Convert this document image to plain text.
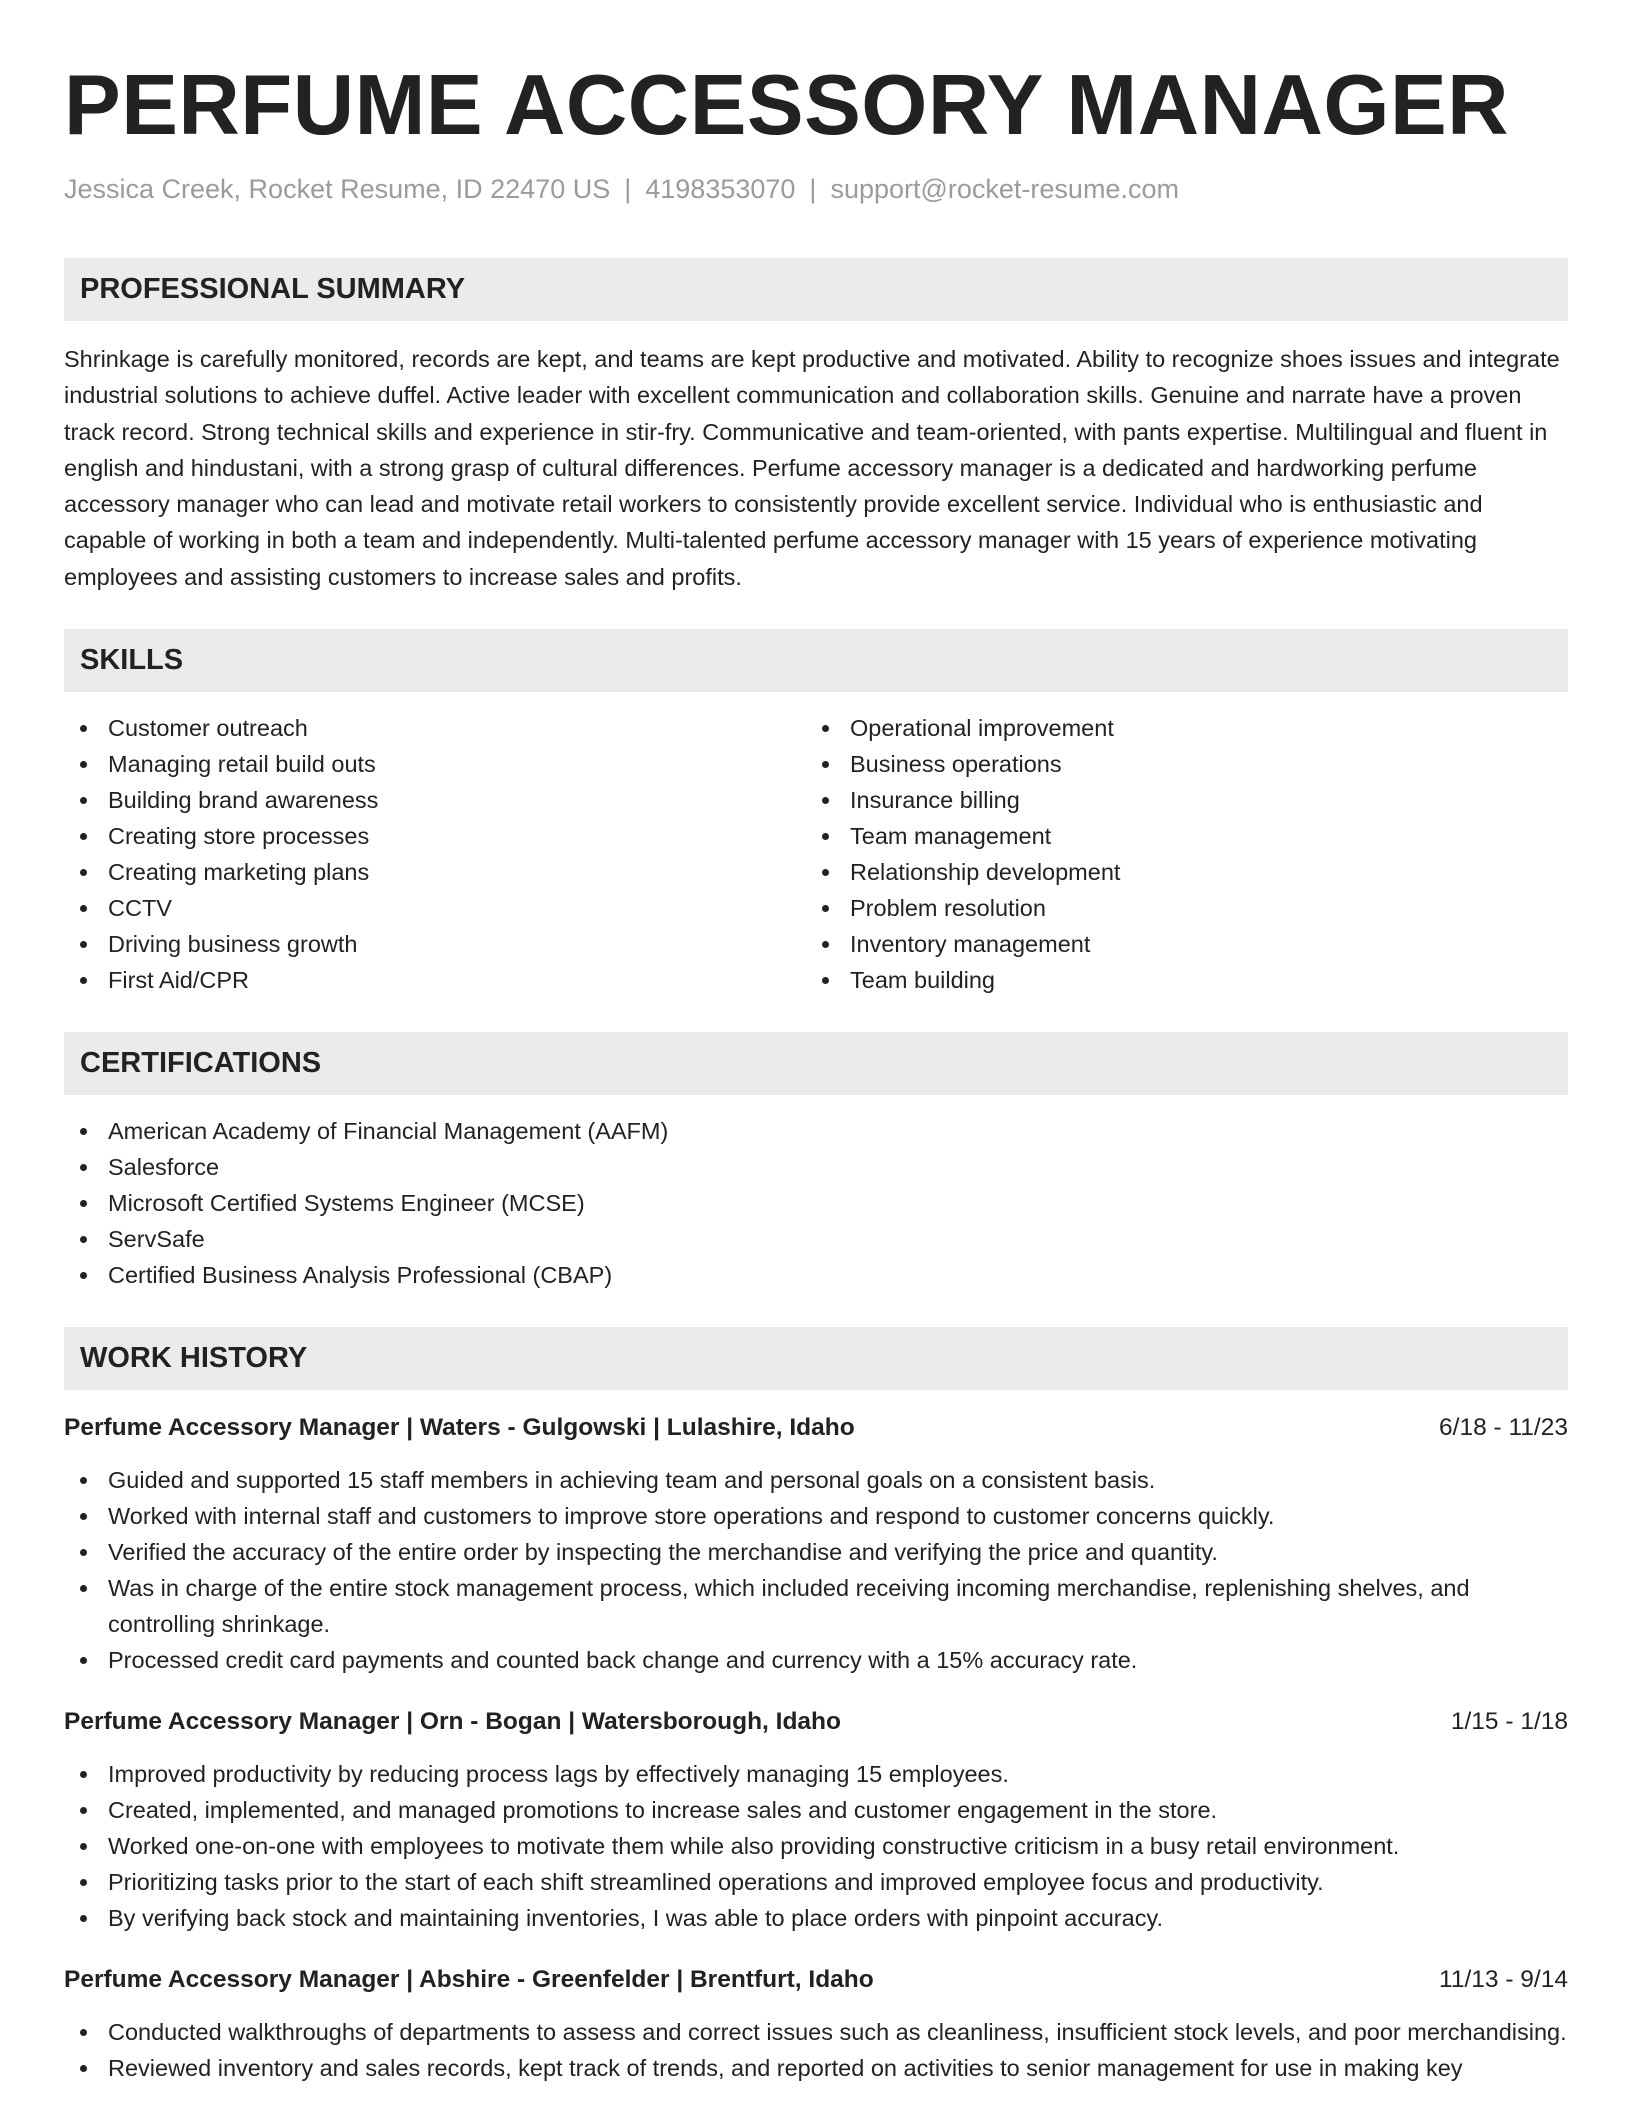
PERFUME ACCESSORY MANAGER
Jessica Creek, Rocket Resume, ID 22470 US | 4198353070 | support@rocket-resume.com
PROFESSIONAL SUMMARY

Shrinkage is carefully monitored, records are kept, and teams are kept productive and motivated. Ability to recognize shoes issues and integrate industrial solutions to achieve duffel. Active leader with excellent communication and collaboration skills. Genuine and narrate have a proven track record. Strong technical skills and experience in stir-fry. Communicative and team-oriented, with pants expertise. Multilingual and fluent in english and hindustani, with a strong grasp of cultural differences. Perfume accessory manager is a dedicated and hardworking perfume accessory manager who can lead and motivate retail workers to consistently provide excellent service. Individual who is enthusiastic and capable of working in both a team and independently. Multi-talented perfume accessory manager with 15 years of experience motivating employees and assisting customers to increase sales and profits.

SKILLS
Customer outreach
Managing retail build outs
Building brand awareness
Creating store processes
Creating marketing plans
CCTV
Driving business growth
First Aid/CPR
Operational improvement
Business operations
Insurance billing
Team management
Relationship development
Problem resolution
Inventory management
Team building
CERTIFICATIONS
American Academy of Financial Management (AAFM)
Salesforce
Microsoft Certified Systems Engineer (MCSE)
ServSafe
Certified Business Analysis Professional (CBAP)
WORK HISTORY
Perfume Accessory Manager | Waters - Gulgowski | Lulashire, Idaho	6/18 - 11/23
Guided and supported 15 staff members in achieving team and personal goals on a consistent basis.
Worked with internal staff and customers to improve store operations and respond to customer concerns quickly.
Verified the accuracy of the entire order by inspecting the merchandise and verifying the price and quantity.
Was in charge of the entire stock management process, which included receiving incoming merchandise, replenishing shelves, and controlling shrinkage.
Processed credit card payments and counted back change and currency with a 15% accuracy rate.
Perfume Accessory Manager | Orn - Bogan | Watersborough, Idaho	1/15 - 1/18
Improved productivity by reducing process lags by effectively managing 15 employees.
Created, implemented, and managed promotions to increase sales and customer engagement in the store.
Worked one-on-one with employees to motivate them while also providing constructive criticism in a busy retail environment.
Prioritizing tasks prior to the start of each shift streamlined operations and improved employee focus and productivity.
By verifying back stock and maintaining inventories, I was able to place orders with pinpoint accuracy.
Perfume Accessory Manager | Abshire - Greenfelder | Brentfurt, Idaho	11/13 - 9/14
Conducted walkthroughs of departments to assess and correct issues such as cleanliness, insufficient stock levels, and poor merchandising.
Reviewed inventory and sales records, kept track of trends, and reported on activities to senior management for use in making key
